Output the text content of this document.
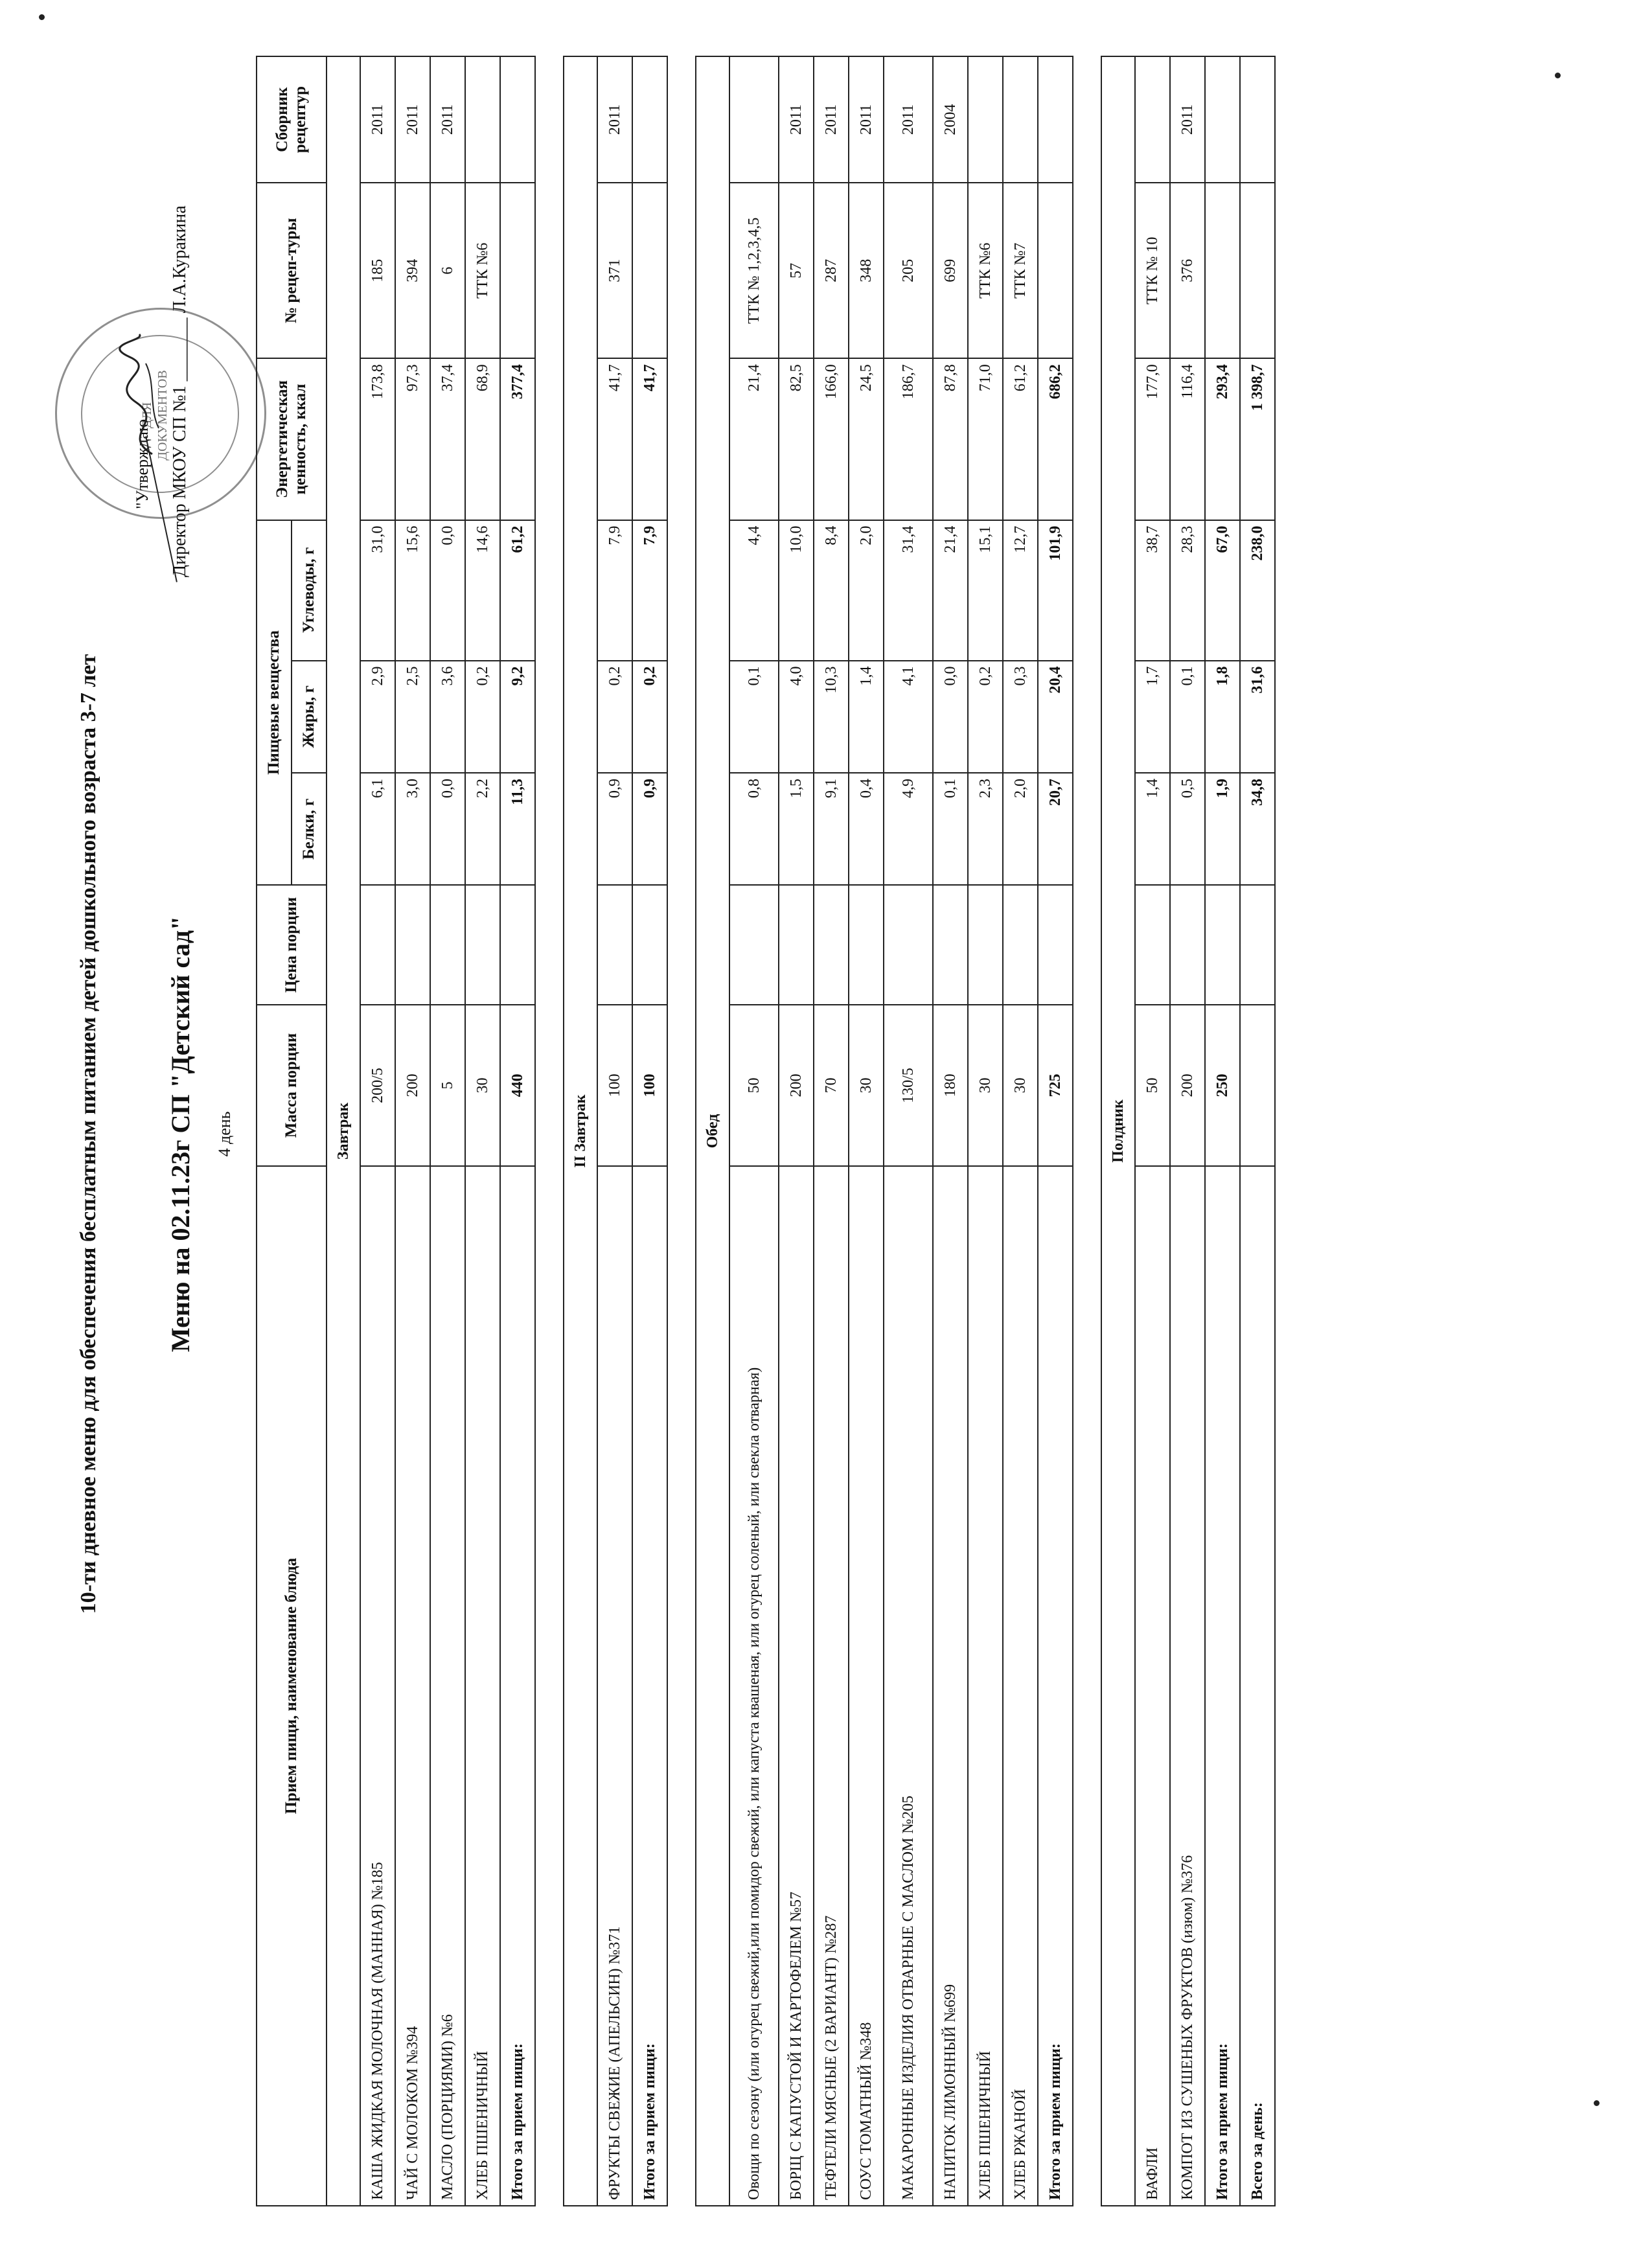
10-ти дневное меню для обеспечения бесплатным питанием детей дошкольного возраста 3-7 лет
"Утверждаю Директор МКОУ СП №1 _______ Л.А.Куракина
ДЛЯ ДОКУМЕНТОВ
Меню на 02.11.23г СП "Детский сад" 4 день
Прием пищи, наименование блюда	Масса порции	Цена порции	Пищевые вещества			Энергетическая ценность, ккал	№ рецеп-туры	Сборник рецептур
			Белки, г	Жиры, г	Углеводы, г			
Завтрак								
КАША ЖИДКАЯ МОЛОЧНАЯ (МАННАЯ) №185	200/5		6,1	2,9	31,0	173,8	185	2011
ЧАЙ С МОЛОКОМ №394	200		3,0	2,5	15,6	97,3	394	2011
МАСЛО (ПОРЦИЯМИ) №6	5		0,0	3,6	0,0	37,4	6	2011
ХЛЕБ ПШЕНИЧНЫЙ	30		2,2	0,2	14,6	68,9	ТТК №6	
Итого за прием пищи:	440		11,3	9,2	61,2	377,4		

II Завтрак								
ФРУКТЫ СВЕЖИЕ (АПЕЛЬСИН) №371	100		0,9	0,2	7,9	41,7	371	2011
Итого за прием пищи:	100		0,9	0,2	7,9	41,7		

Обед								
Овощи по сезону (или огурец свежий,или помидор свежий, или капуста квашеная, или огурец соленый, или свекла отварная)	50		0,8	0,1	4,4	21,4	ТТК № 1,2,3,4,5	
БОРЩ С КАПУСТОЙ И КАРТОФЕЛЕМ №57	200		1,5	4,0	10,0	82,5	57	2011
ТЕФТЕЛИ МЯСНЫЕ (2 ВАРИАНТ) №287	70		9,1	10,3	8,4	166,0	287	2011
СОУС ТОМАТНЫЙ №348	30		0,4	1,4	2,0	24,5	348	2011
МАКАРОННЫЕ ИЗДЕЛИЯ ОТВАРНЫЕ С МАСЛОМ №205	130/5		4,9	4,1	31,4	186,7	205	2011
НАПИТОК ЛИМОННЫЙ №699	180		0,1	0,0	21,4	87,8	699	2004
ХЛЕБ ПШЕНИЧНЫЙ	30		2,3	0,2	15,1	71,0	ТТК №6	
ХЛЕБ РЖАНОЙ	30		2,0	0,3	12,7	61,2	ТТК №7	
Итого за прием пищи:	725		20,7	20,4	101,9	686,2		

Полдник								
ВАФЛИ	50		1,4	1,7	38,7	177,0	ТТК № 10	
КОМПОТ ИЗ СУШЕНЫХ ФРУКТОВ (изюм) №376	200		0,5	0,1	28,3	116,4	376	2011
Итого за прием пищи:	250		1,9	1,8	67,0	293,4		
Всего за день:			34,8	31,6	238,0	1 398,7		
